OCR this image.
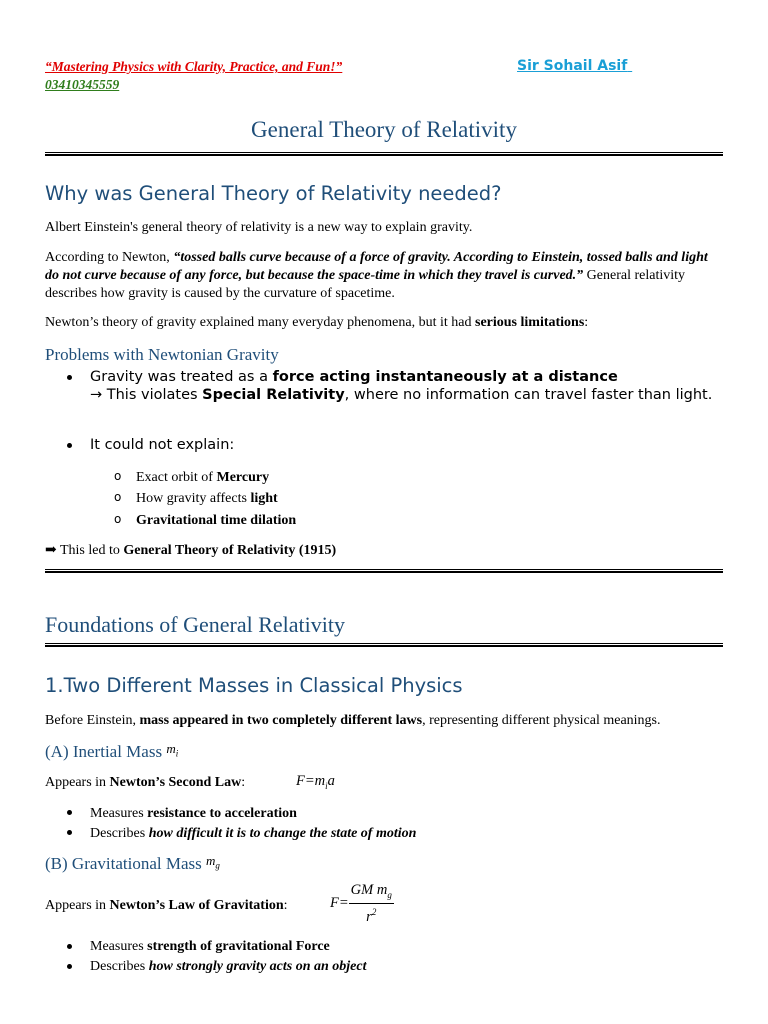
“Mastering Physics with Clarity, Practice, and Fun!”	Sir Sohail Asif
03410345559
General Theory of Relativity
Why was General Theory of Relativity needed?
Albert Einstein's general theory of relativity is a new way to explain gravity.
According to Newton, “tossed balls curve because of a force of gravity. According to Einstein, tossed balls and light do not curve because of any force, but because the space-time in which they travel is curved.” General relativity describes how gravity is caused by the curvature of spacetime.
Newton’s theory of gravity explained many everyday phenomena, but it had serious limitations:
Problems with Newtonian Gravity
Gravity was treated as a force acting instantaneously at a distance
→ This violates Special Relativity, where no information can travel faster than light.
It could not explain:
o Exact orbit of Mercury
o How gravity affects light
o Gravitational time dilation
➡ This led to General Theory of Relativity (1915)
Foundations of General Relativity
1.Two Different Masses in Classical Physics
Before Einstein, mass appeared in two completely different laws, representing different physical meanings.
(A) Inertial Mass $^{m_i}$
Appears in Newton’s Second Law:	$F=m_ia$
Measures resistance to acceleration
Describes how difficult it is to change the state of motion
(B) Gravitational Mass $^{m_g}$
Appears in Newton’s Law of Gravitation:	$F= \frac{GM m_g}{r^2}$
Measures strength of gravitational Force
Describes how strongly gravity acts on an object
